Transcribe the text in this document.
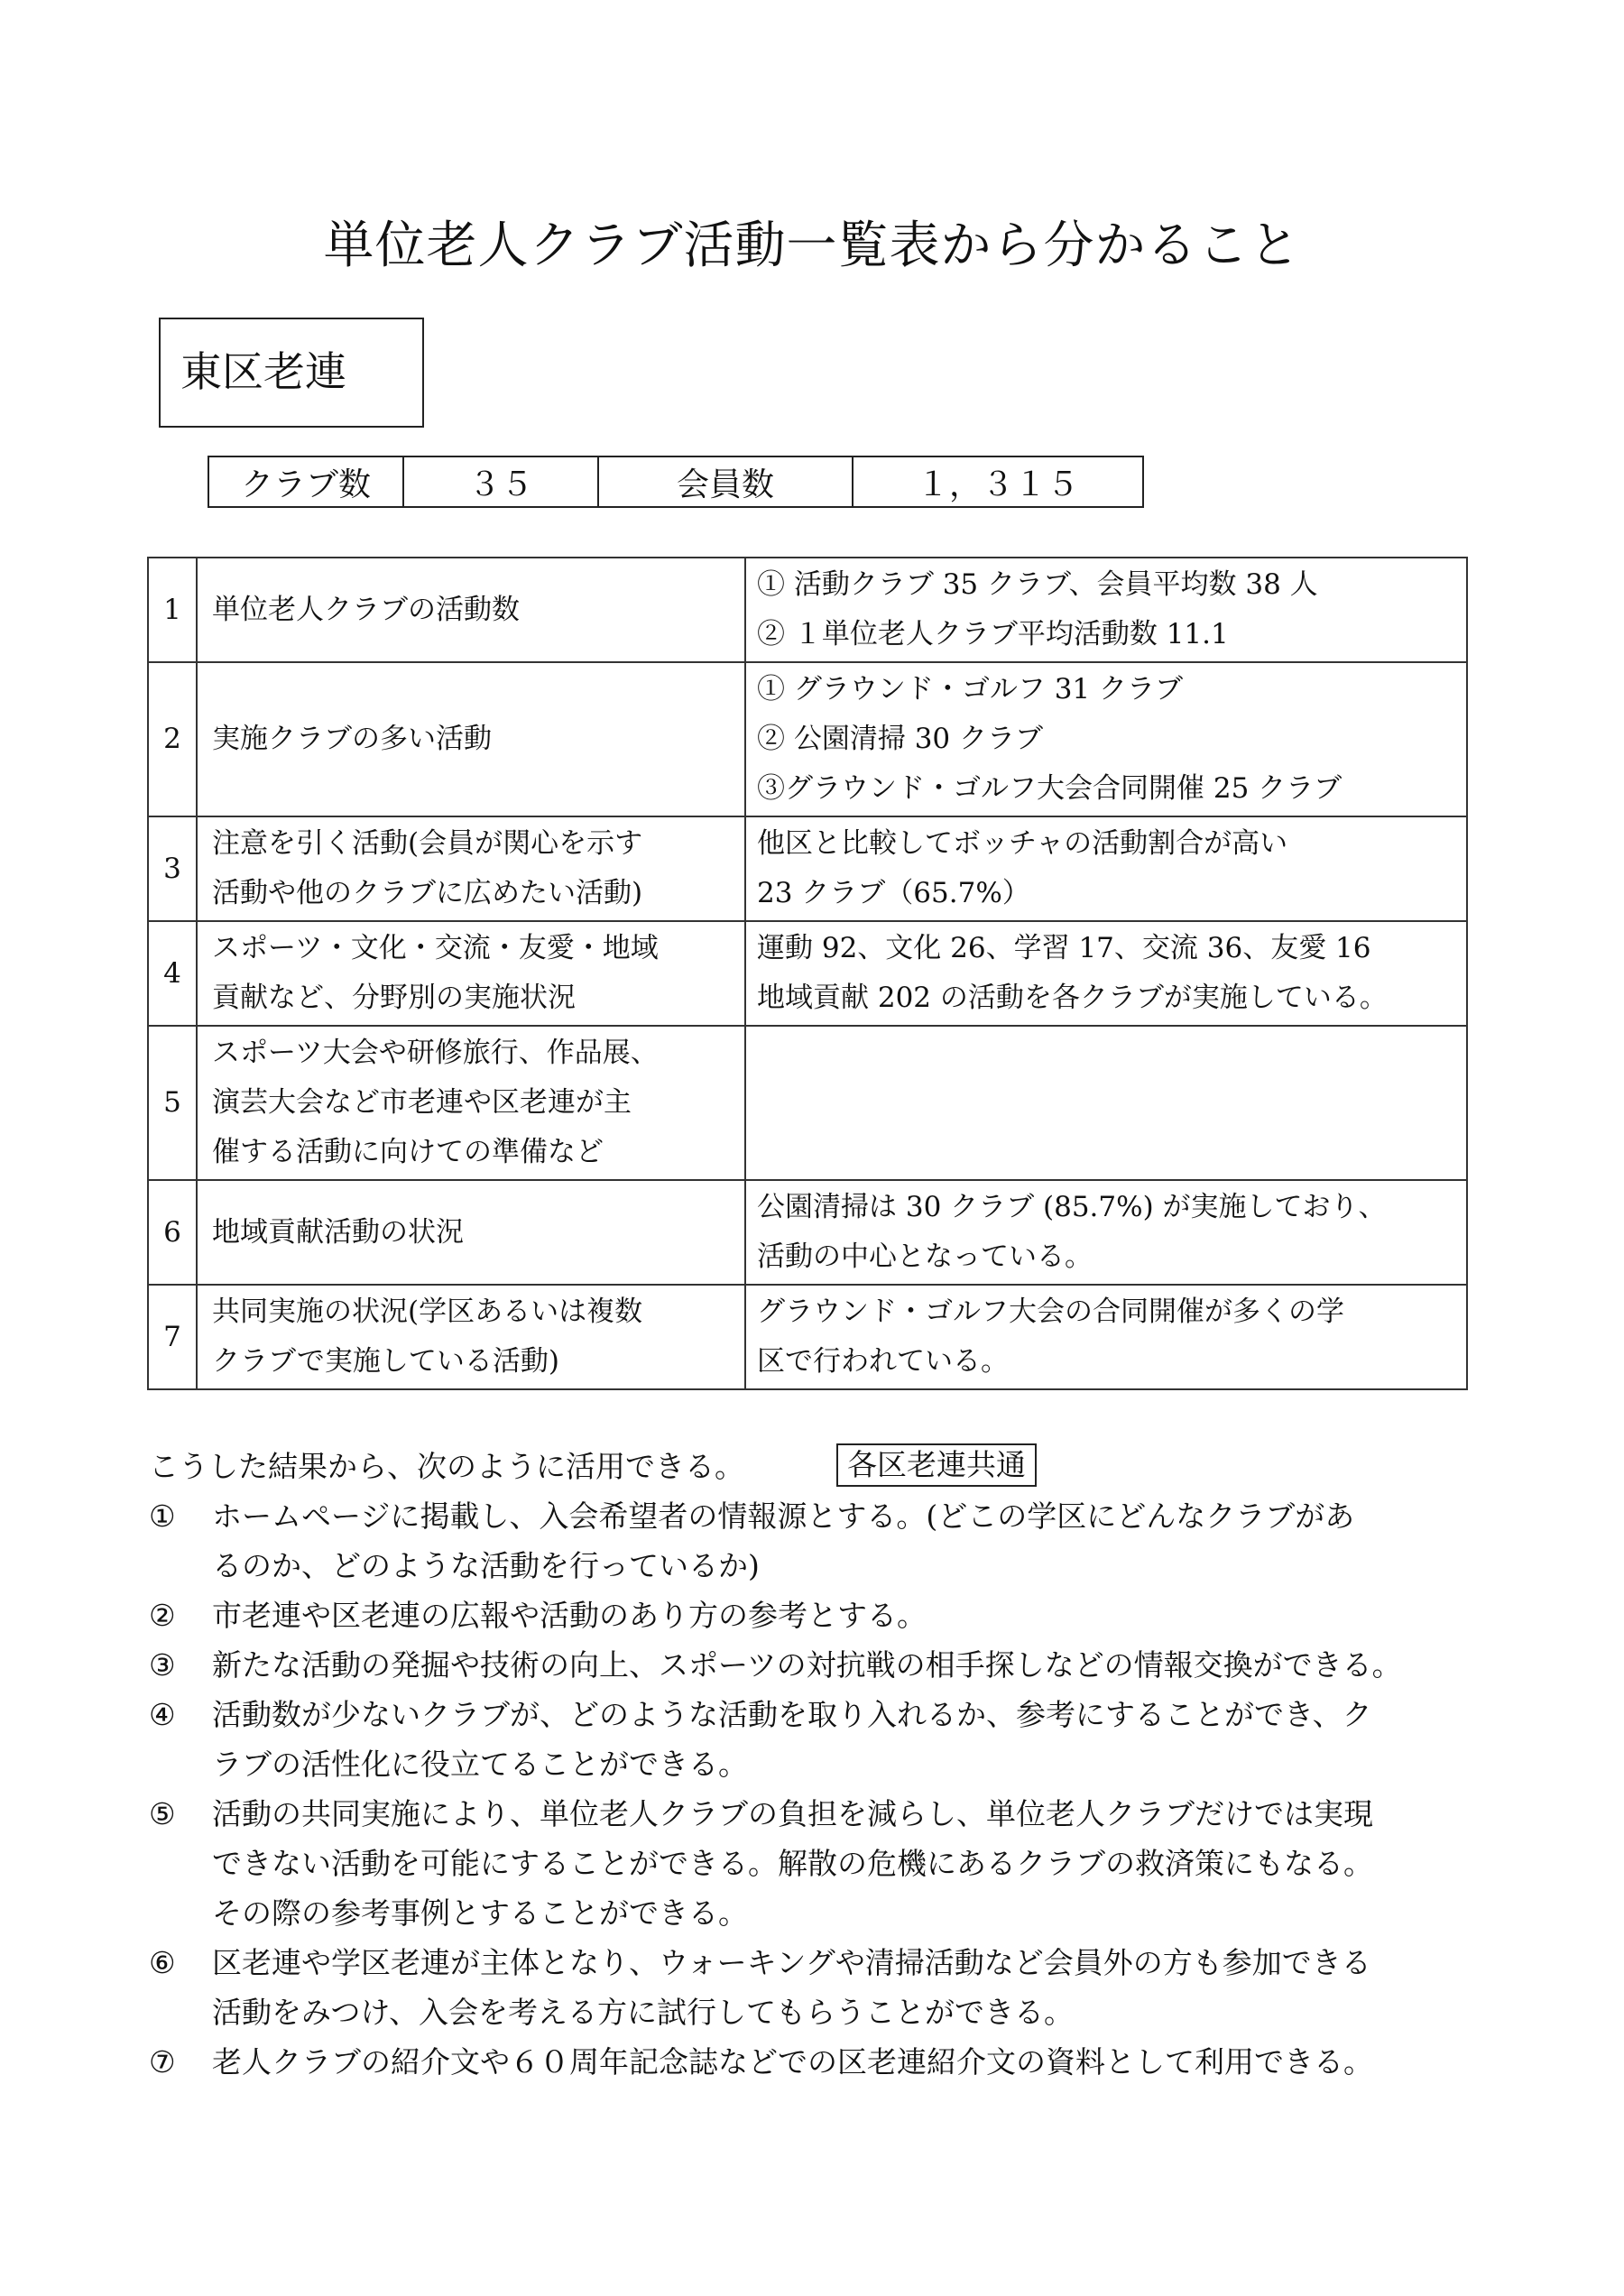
単位老人クラブ活動一覧表から分かること
東区老連
クラブ数	３５	会員数	１，３１５
1	単位老人クラブの活動数	① 活動クラブ 35 クラブ、会員平均数 38 人
② １単位老人クラブ平均活動数 11.1

2	実施クラブの多い活動	① グラウンド・ゴルフ 31 クラブ
② 公園清掃 30 クラブ
③グラウンド・ゴルフ大会合同開催 25 クラブ

3	注意を引く活動(会員が関心を示す
活動や他のクラブに広めたい活動)	他区と比較してボッチャの活動割合が高い
23 クラブ（65.7%）

4	スポーツ・文化・交流・友愛・地域
貢献など、分野別の実施状況	運動 92、文化 26、学習 17、交流 36、友愛 16
地域貢献 202 の活動を各クラブが実施している。

5	スポーツ大会や研修旅行、作品展、
演芸大会など市老連や区老連が主
催する活動に向けての準備など	

6	地域貢献活動の状況	公園清掃は 30 クラブ (85.7%) が実施しており、
活動の中心となっている。

7	共同実施の状況(学区あるいは複数
クラブで実施している活動)	グラウンド・ゴルフ大会の合同開催が多くの学
区で行われている。
こうした結果から、次のように活用できる。	各区老連共通
① ホームページに掲載し、入会希望者の情報源とする。(どこの学区にどんなクラブがあ
るのか、どのような活動を行っているか)
② 市老連や区老連の広報や活動のあり方の参考とする。
③ 新たな活動の発掘や技術の向上、スポーツの対抗戦の相手探しなどの情報交換ができる。
④ 活動数が少ないクラブが、どのような活動を取り入れるか、参考にすることができ、ク
ラブの活性化に役立てることができる。
⑤ 活動の共同実施により、単位老人クラブの負担を減らし、単位老人クラブだけでは実現
できない活動を可能にすることができる。解散の危機にあるクラブの救済策にもなる。
その際の参考事例とすることができる。
⑥ 区老連や学区老連が主体となり、ウォーキングや清掃活動など会員外の方も参加できる
活動をみつけ、入会を考える方に試行してもらうことができる。
⑦ 老人クラブの紹介文や６０周年記念誌などでの区老連紹介文の資料として利用できる。
